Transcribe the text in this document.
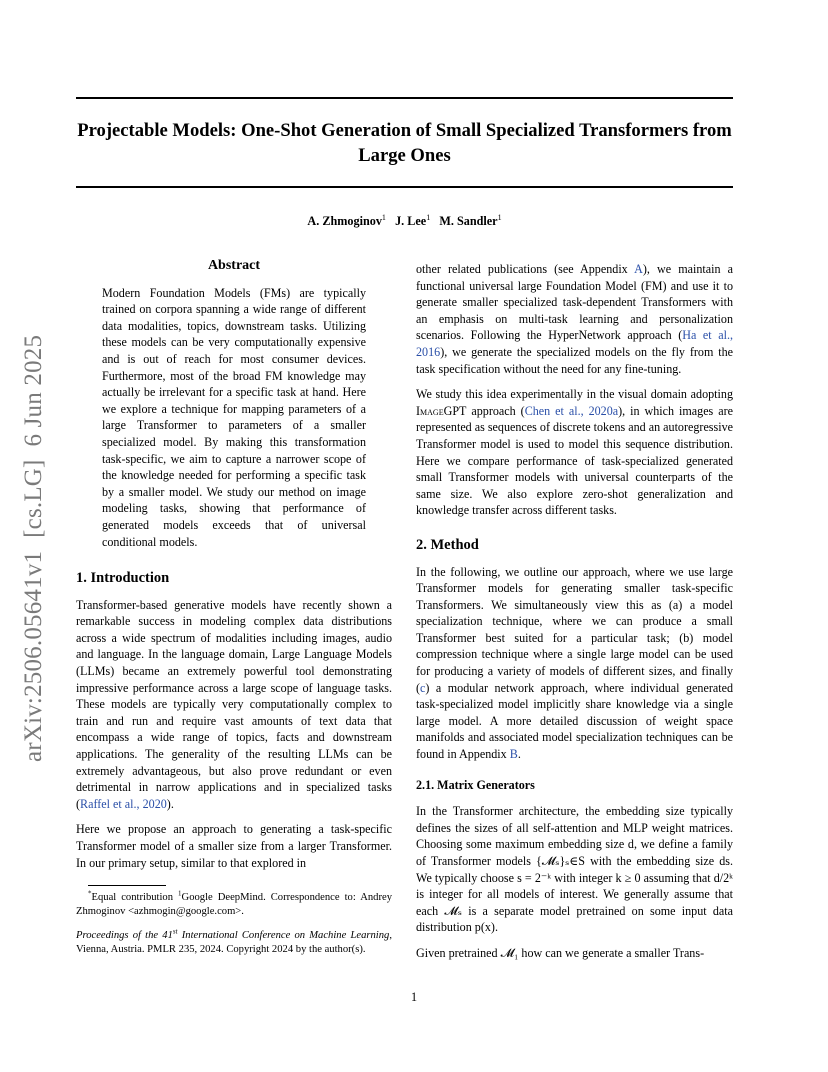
Projectable Models: One-Shot Generation of Small Specialized Transformers from Large Ones
A. Zhmoginov$^1$ J. Lee$^1$ M. Sandler$^1$
arXiv:2506.05641v1  [cs.LG]  6 Jun 2025
Abstract
Modern Foundation Models (FMs) are typically trained on corpora spanning a wide range of different data modalities, topics, downstream tasks. Utilizing these models can be very computationally expensive and is out of reach for most consumer devices. Furthermore, most of the broad FM knowledge may actually be irrelevant for a specific task at hand. Here we explore a technique for mapping parameters of a large Transformer to parameters of a smaller specialized model. By making this transformation task-specific, we aim to capture a narrower scope of the knowledge needed for performing a specific task by a smaller model. We study our method on image modeling tasks, showing that performance of generated models exceeds that of universal conditional models.
1. Introduction

Transformer-based generative models have recently shown a remarkable success in modeling complex data distributions across a wide spectrum of modalities including images, audio and language. In the language domain, Large Language Models (LLMs) became an extremely powerful tool demonstrating impressive performance across a large scope of language tasks. These models are typically very computationally complex to train and run and require vast amounts of text data that encompass a wide range of topics, facts and downstream applications. The generality of the resulting LLMs can be extremely advantageous, but also prove redundant or even detrimental in narrow applications and in specialized tasks (Raffel et al., 2020).

Here we propose an approach to generating a task-specific Transformer model of a smaller size from a larger Transformer. In our primary setup, similar to that explored in

*Equal contribution $^1$Google DeepMind. Correspondence to: Andrey Zhmoginov <azhmogin@google.com>.
Proceedings of the 41st International Conference on Machine Learning, Vienna, Austria. PMLR 235, 2024. Copyright 2024 by the author(s).

other related publications (see Appendix A), we maintain a functional universal large Foundation Model (FM) and use it to generate smaller specialized task-dependent Transformers with an emphasis on multi-task learning and personalization scenarios. Following the HyperNetwork approach (Ha et al., 2016), we generate the specialized models on the fly from the task specification without the need for any fine-tuning.

We study this idea experimentally in the visual domain adopting ImageGPT approach (Chen et al., 2020a), in which images are represented as sequences of discrete tokens and an autoregressive Transformer model is used to model this sequence distribution. Here we compare performance of task-specialized generated small Transformer models with universal counterparts of the same size. We also explore zero-shot generalization and knowledge transfer across different tasks.

2. Method

In the following, we outline our approach, where we use large Transformer models for generating smaller task-specific Transformers. We simultaneously view this as (a) a model specialization technique, where we can produce a small Transformer best suited for a particular task; (b) model compression technique where a single large model can be used for producing a variety of models of different sizes, and finally (c) a modular network approach, where individual generated task-specialized model implicitly share knowledge via a single large model. A more detailed discussion of weight space manifolds and associated model specialization techniques can be found in Appendix B.

2.1. Matrix Generators

In the Transformer architecture, the embedding size typically defines the sizes of all self-attention and MLP weight matrices. Choosing some maximum embedding size d, we define a family of Transformer models {𝓜ₛ}ₛ∈S with the embedding size ds. We typically choose s = 2⁻ᵏ with integer k ≥ 0 assuming that d/2ᵏ is integer for all models of interest. We generally assume that each 𝓜ₛ is a separate model pretrained on some input data distribution p(x).

Given pretrained 𝓜₁ how can we generate a smaller Trans-

1
